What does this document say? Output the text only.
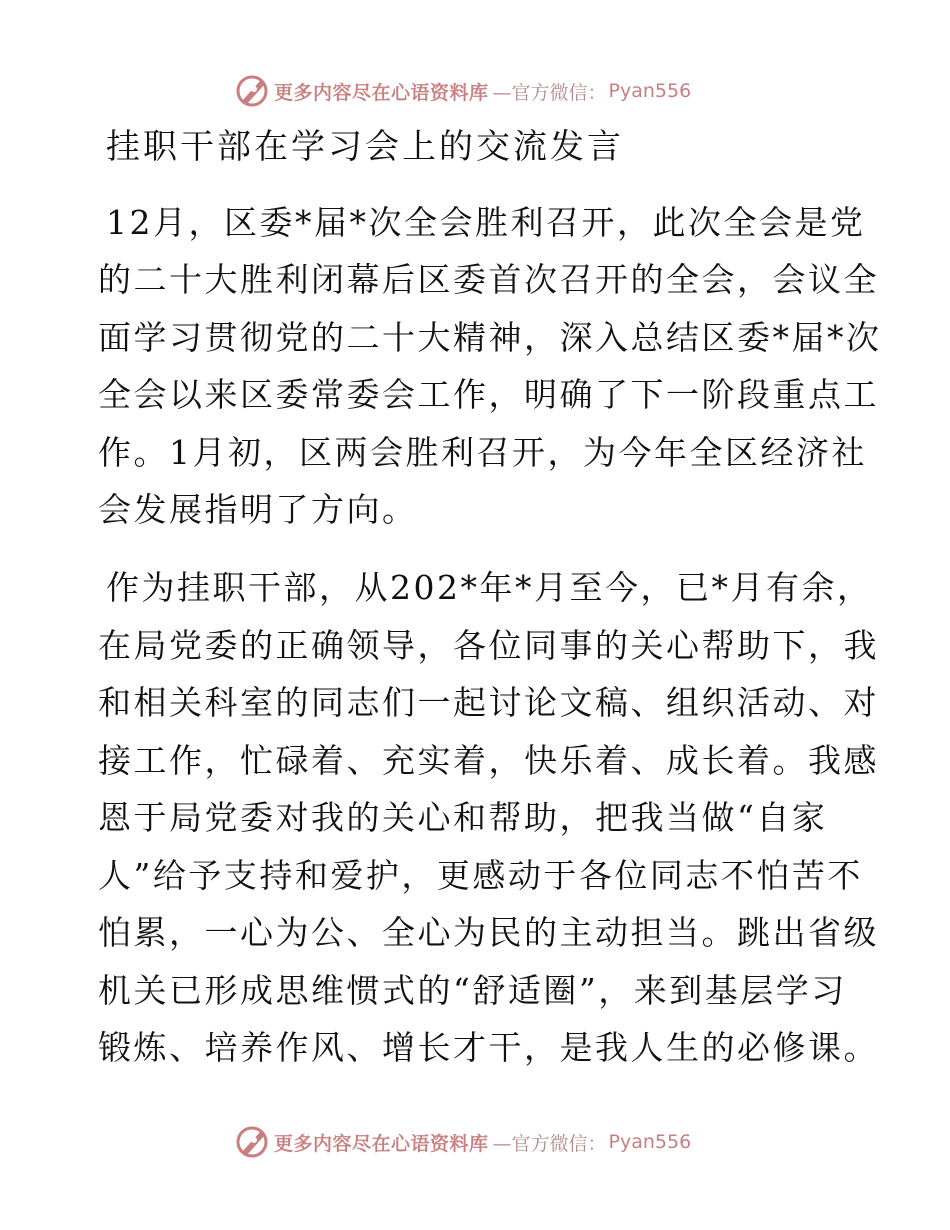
更多内容尽在心语资料库 —官方微信： Pyan556
挂职干部在学习会上的交流发言
12月，区委*届*次全会胜利召开，此次全会是党
的二十大胜利闭幕后区委首次召开的全会，会议全
面学习贯彻党的二十大精神，深入总结区委*届*次
全会以来区委常委会工作，明确了下一阶段重点工
作。1月初，区两会胜利召开，为今年全区经济社
会发展指明了方向。
作为挂职干部，从202*年*月至今，已*月有余，
在局党委的正确领导，各位同事的关心帮助下，我
和相关科室的同志们一起讨论文稿、组织活动、对
接工作，忙碌着、充实着，快乐着、成长着。我感
恩于局党委对我的关心和帮助，把我当做“自家
人”给予支持和爱护，更感动于各位同志不怕苦不
怕累，一心为公、全心为民的主动担当。跳出省级
机关已形成思维惯式的“舒适圈”，来到基层学习
锻炼、培养作风、增长才干，是我人生的必修课。
更多内容尽在心语资料库 —官方微信： Pyan556
